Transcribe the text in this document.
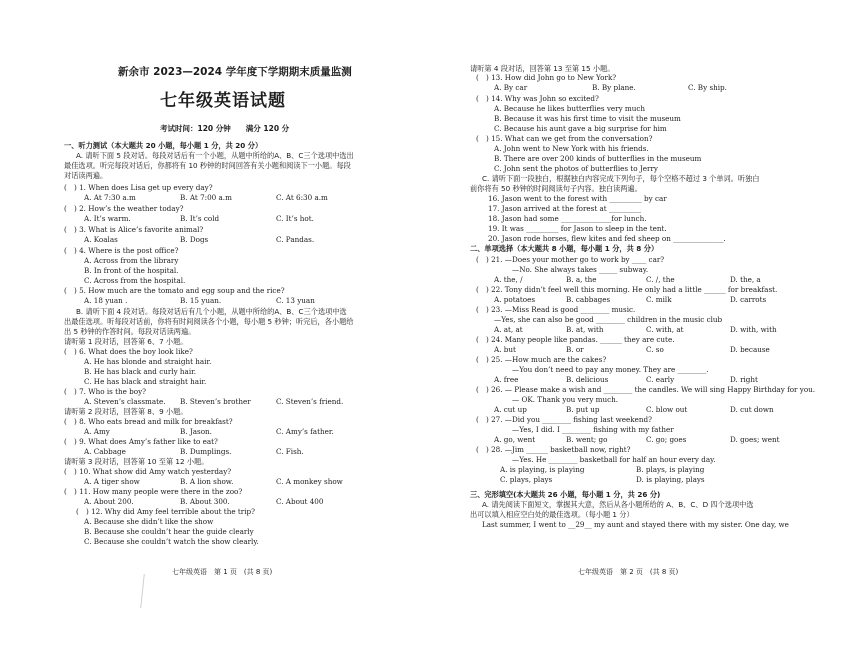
新余市 2023—2024 学年度下学期期末质量监测
七年级英语试题
考试时间：120 分钟　　满分 120 分
一、听力测试（本大题共 20 小题，每小题 1 分，共 20 分）
A. 请听下面 5 段对话。每段对话后有一个小题，从题中所给的A、B、C三个选项中选出
最佳选项。听完每段对话后，你都将有 10 秒钟的时间回答有关小题和阅读下一小题。每段
对话读两遍。
(　) 1. When does Lisa get up every day?
A. At 7:30 a.m	B. At 7:00 a.m	C. At 6:30 a.m
(　) 2. How’s the weather today?
A. It’s warm.	B. It’s cold	C. It’s hot.
(　) 3. What is Alice’s favorite animal?
A. Koalas	B. Dogs	C. Pandas.
(　) 4. Where is the post office?
A. Across from the library
B. In front of the hospital.
C. Across from the hospital.
(　) 5. How much are the tomato and egg soup and the rice?
A. 18 yuan .	B. 15 yuan.	C. 13 yuan
B. 请听下面 4 段对话。每段对话后有几个小题，从题中所给的A、B、C三个选项中选
出最佳选项。听每段对话前，你将有时间阅读各个小题，每小题 5 秒钟；听完后，各小题给
出 5 秒钟的作答时间。每段对话读两遍。
请听第 1 段对话，回答第 6、7 小题。
(　) 6. What does the boy look like?
A. He has blonde and straight hair.
B. He has black and curly hair.
C. He has black and straight hair.
(　) 7. Who is the boy?
A. Steven’s classmate. B. Steven’s brother	C. Steven’s friend.
请听第 2 段对话，回答第 8、9 小题。
(　) 8. Who eats bread and milk for breakfast?
A. Amy	B. Jason.	C. Amy’s father.
(　) 9. What does Amy’s father like to eat?
A. Cabbage	B. Dumplings.	C. Fish.
请听第 3 段对话，回答第 10 至第 12 小题。
(　) 10. What show did Amy watch yesterday?
A. A tiger show	B. A lion show.	C. A monkey show
(　) 11. How many people were there in the zoo?
A. About 200.	B. About 300.	C. About 400
(　) 12. Why did Amy feel terrible about the trip?
A. Because she didn’t like the show
B. Because she couldn’t hear the guide clearly
C. Because she couldn’t watch the show clearly.
七年级英语　第 1 页　(共 8 页)
请听第 4 段对话，回答第 13 至第 15 小题。
(　) 13. How did John go to New York?
A. By car	B. By plane.	C. By ship.
(　) 14. Why was John so excited?
A. Because he likes butterflies very much
B. Because it was his first time to visit the museum
C. Because his aunt gave a big surprise for him
(　) 15. What can we get from the conversation?
A. John went to New York with his friends.
B. There are over 200 kinds of butterflies in the museum
C. John sent the photos of butterflies to Jerry
C. 请听下面一段独白，根据独白内容完成下列句子，每个空格不超过 3 个单词。听独白
前你将有 50 秒钟的时间阅读句子内容。独白读两遍。
16. Jason went to the forest with _________ by car
17. Jason arrived at the forest at _________
18. Jason had some ______________for lunch.
19. It was _________ for Jason to sleep in the tent.
20. Jason rode horses, flew kites and fed sheep on ______________.
二、单项选择（本大题共 8 小题，每小题 1 分，共 8 分）
(　) 21. —Does your mother go to work by ____ car?
—No. She always takes _____ subway.
A. the, /	B. a, the	C. /, the	D. the, a
(　) 22. Tony didn’t feel well this morning. He only had a little ______ for breakfast.
A. potatoes	B. cabbages	C. milk	D. carrots
(　) 23. —Miss Read is good ________ music.
—Yes, she can also be good ________ children in the music club
A. at, at	B. at, with	C. with, at	D. with, with
(　) 24. Many people like pandas. ______ they are cute.
A. but	B. or	C. so	D. because
(　) 25. —How much are the cakes?
—You don’t need to pay any money. They are ________.
A. free	B. delicious	C. early	D. right
(　) 26. — Please make a wish and ________ the candles. We will sing Happy Birthday for you.
— OK. Thank you very much.
A. cut up	B. put up	C. blow out	D. cut down
(　) 27. —Did you ________ fishing last weekend?
—Yes, I did. I ________ fishing with my father
A. go, went	B. went; go	C. go; goes	D. goes; went
(　) 28. —Jim ______ basketball now, right?
—Yes. He ________ basketball for half an hour every day.
A. is playing, is playing	B. plays, is playing
C. plays, plays	D. is playing, plays
三、完形填空(本大题共 26 小题，每小题 1 分，共 26 分)
A. 请先阅读下面短文，掌握其大意，然后从各小题所给的 A、B、C、D 四个选项中选
出可以填入相应空白处的最佳选项。（每小题 1 分）
Last summer, I went to __29__ my aunt and stayed there with my sister. One day, we
七年级英语　第 2 页　(共 8 页)
